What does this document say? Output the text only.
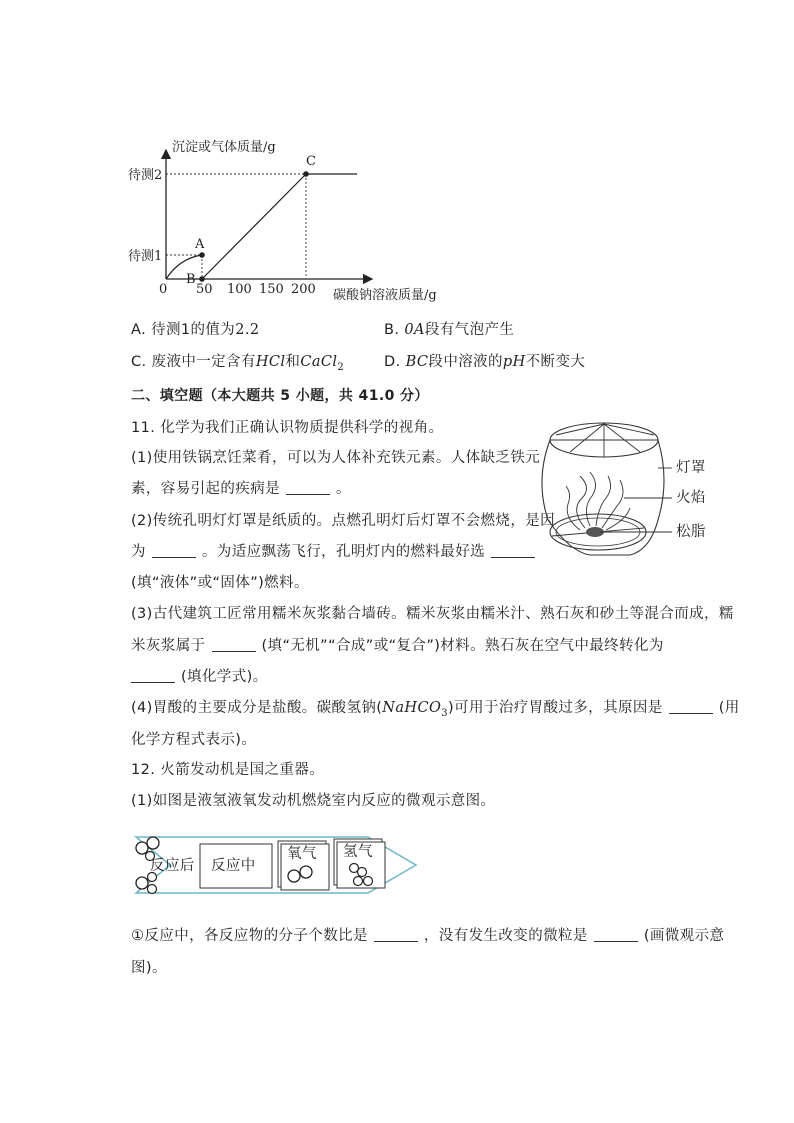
沉淀或气体质量/g
碳酸钠溶液质量/g
待测2
待测1
0 50 100 150 200
A
B
C
A. 待测1的值为2.2	B. 0A段有气泡产生
C. 废液中一定含有HCl和CaCl$_2$	D. BC段中溶液的pH不断变大
二、填空题（本大题共 5 小题，共 41.0 分）
11. 化学为我们正确认识物质提供科学的视角。
(1)使用铁锅烹饪菜肴，可以为人体补充铁元素。人体缺乏铁元
素，容易引起的疾病是	。
(2)传统孔明灯灯罩是纸质的。点燃孔明灯后灯罩不会燃烧，是因
为	。为适应飘荡飞行，孔明灯内的燃料最好选
(填“液体”或“固体”)燃料。
(3)古代建筑工匠常用糯米灰浆黏合墙砖。糯米灰浆由糯米汁、熟石灰和砂土等混合而成，糯
米灰浆属于	(填“无机”“合成”或“复合”)材料。熟石灰在空气中最终转化为
(填化学式)。
(4)胃酸的主要成分是盐酸。碳酸氢钠(NaHCO$_3$)可用于治疗胃酸过多，其原因是	(用
化学方程式表示)。
灯罩
火焰
松脂
12. 火箭发动机是国之重器。
(1)如图是液氢液氧发动机燃烧室内反应的微观示意图。
反应后 反应中
氧气 氢气
①反应中，各反应物的分子个数比是	，没有发生改变的微粒是	(画微观示意
图)。
